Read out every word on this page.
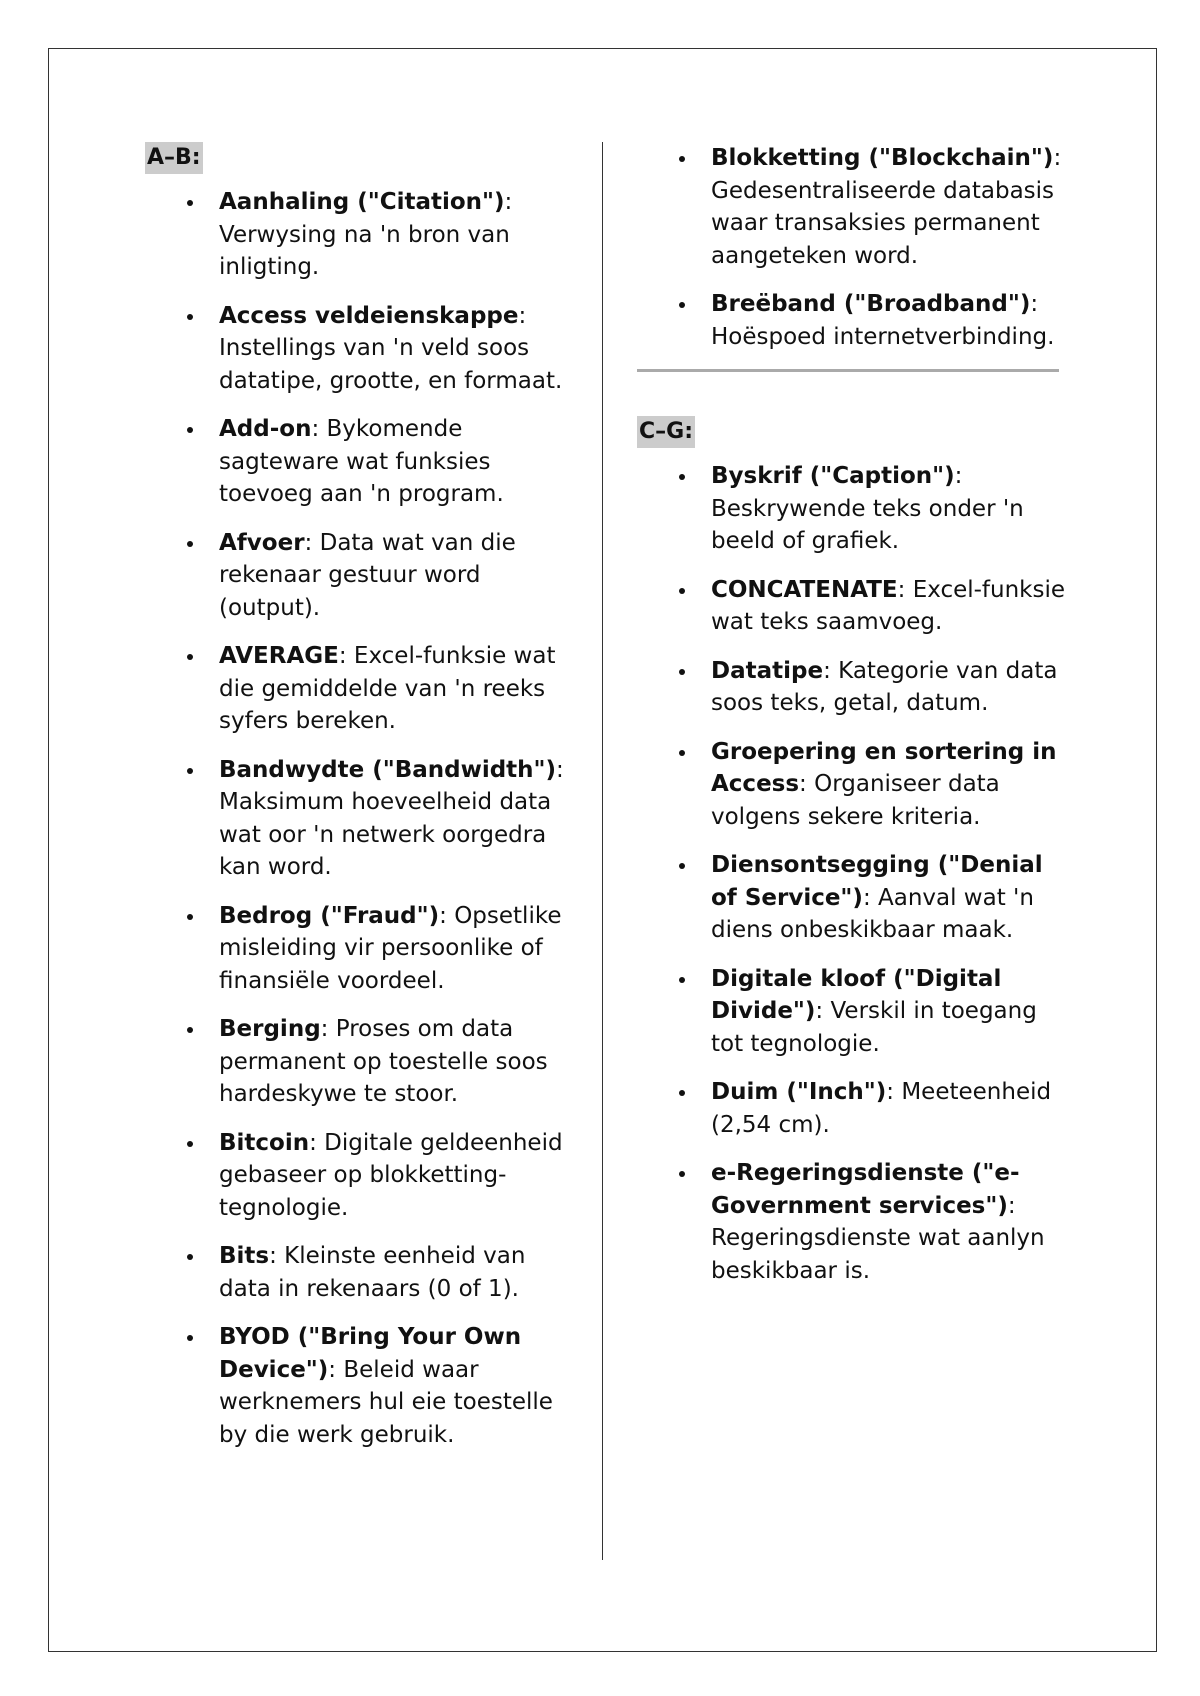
A–B:
Aanhaling ("Citation"): Verwysing na 'n bron van inligting.
Access veldeienskappe: Instellings van 'n veld soos datatipe, grootte, en formaat.
Add-on: Bykomende sagteware wat funksies toevoeg aan 'n program.
Afvoer: Data wat van die rekenaar gestuur word (output).
AVERAGE: Excel-funksie wat die gemiddelde van 'n reeks syfers bereken.
Bandwydte ("Bandwidth"): Maksimum hoeveelheid data wat oor 'n netwerk oorgedra kan word.
Bedrog ("Fraud"): Opsetlike misleiding vir persoonlike of finansiële voordeel.
Berging: Proses om data permanent op toestelle soos hardeskywe te stoor.
Bitcoin: Digitale geldeenheid gebaseer op blokketting-tegnologie.
Bits: Kleinste eenheid van data in rekenaars (0 of 1).
BYOD ("Bring Your Own Device"): Beleid waar werknemers hul eie toestelle by die werk gebruik.
Blokketting ("Blockchain"): Gedesentraliseerde databasis waar transaksies permanent aangeteken word.
Breëband ("Broadband"): Hoëspoed internetverbinding.
C–G:
Byskrif ("Caption"): Beskrywende teks onder 'n beeld of grafiek.
CONCATENATE: Excel-funksie wat teks saamvoeg.
Datatipe: Kategorie van data soos teks, getal, datum.
Groepering en sortering in Access: Organiseer data volgens sekere kriteria.
Diensontsegging ("Denial of Service"): Aanval wat 'n diens onbeskikbaar maak.
Digitale kloof ("Digital Divide"): Verskil in toegang tot tegnologie.
Duim ("Inch"): Meeteenheid (2,54 cm).
e-Regeringsdienste ("e-Government services"): Regeringsdienste wat aanlyn beskikbaar is.
